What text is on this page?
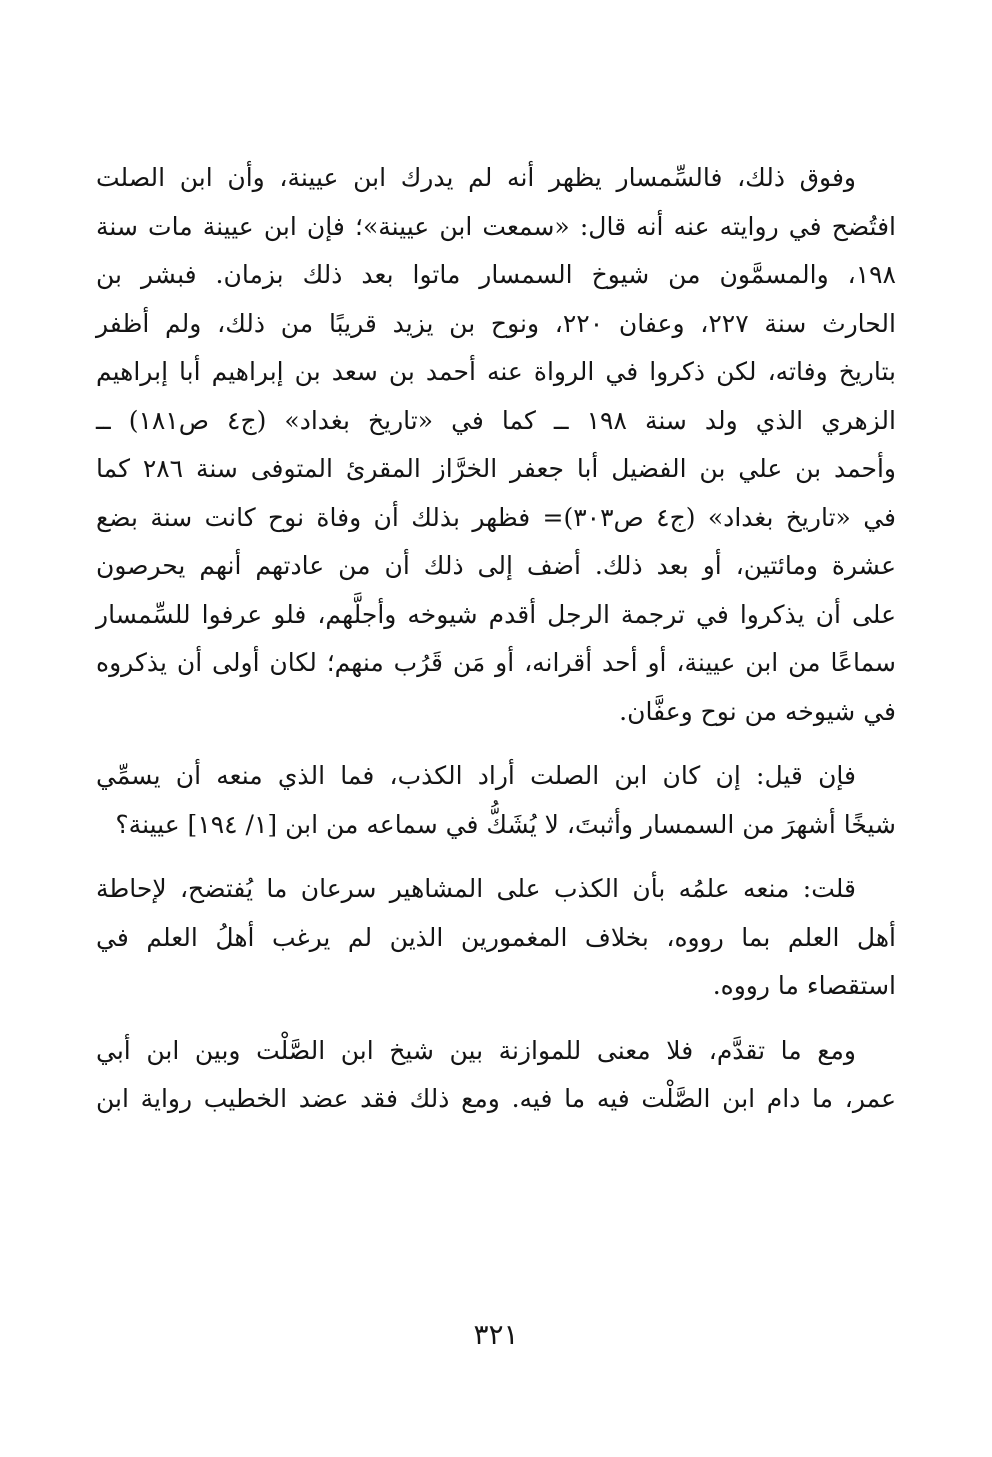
وفوق ذلك، فالسِّمسار يظهر أنه لم يدرك ابن عيينة، وأن ابن الصلت
افتُضح في روايته عنه أنه قال: «سمعت ابن عيينة»؛ فإن ابن عيينة مات سنة
١٩٨، والمسمَّون من شيوخ السمسار ماتوا بعد ذلك بزمان. فبشر بن
الحارث سنة ٢٢٧، وعفان ٢٢٠، ونوح بن يزيد قريبًا من ذلك، ولم أظفر
بتاريخ وفاته، لكن ذكروا في الرواة عنه أحمد بن سعد بن إبراهيم أبا إبراهيم
الزهري الذي ولد سنة ١٩٨ ــ كما في «تاريخ بغداد» (ج٤ ص١٨١) ــ
وأحمد بن علي بن الفضيل أبا جعفر الخرَّاز المقرئ المتوفى سنة ٢٨٦ كما
في «تاريخ بغداد» (ج٤ ص٣٠٣)= فظهر بذلك أن وفاة نوح كانت سنة بضع
عشرة ومائتين، أو بعد ذلك. أضف إلى ذلك أن من عادتهم أنهم يحرصون
على أن يذكروا في ترجمة الرجل أقدم شيوخه وأجلَّهم، فلو عرفوا للسِّمسار
سماعًا من ابن عيينة، أو أحد أقرانه، أو مَن قَرُب منهم؛ لكان أولى أن يذكروه
في شيوخه من نوح وعفَّان.
فإن قيل: إن كان ابن الصلت أراد الكذب، فما الذي منعه أن يسمِّي
شيخًا أشهرَ من السمسار وأثبتَ، لا يُشَكُّ في سماعه من ابن [١/ ١٩٤] عيينة؟
قلت: منعه علمُه بأن الكذب على المشاهير سرعان ما يُفتضح، لإحاطة
أهل العلم بما رووه، بخلاف المغمورين الذين لم يرغب أهلُ العلم في
استقصاء ما رووه.
ومع ما تقدَّم، فلا معنى للموازنة بين شيخ ابن الصَّلْت وبين ابن أبي
عمر، ما دام ابن الصَّلْت فيه ما فيه. ومع ذلك فقد عضد الخطيب رواية ابن
٣٢١
